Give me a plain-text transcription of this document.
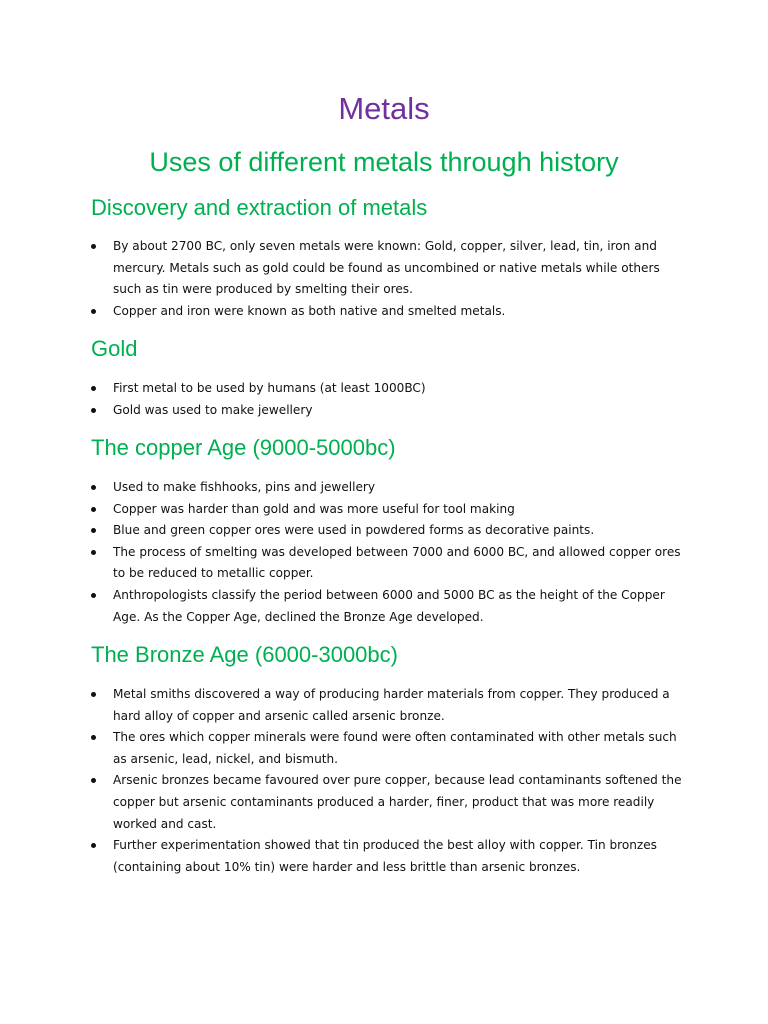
Metals
Uses of different metals through history
Discovery and extraction of metals
By about 2700 BC, only seven metals were known: Gold, copper, silver, lead, tin, iron and mercury. Metals such as gold could be found as uncombined or native metals while others such as tin were produced by smelting their ores.
Copper and iron were known as both native and smelted metals.
Gold
First metal to be used by humans (at least 1000BC)
Gold was used to make jewellery
The copper Age (9000-5000bc)
Used to make fishhooks, pins and jewellery
Copper was harder than gold and was more useful for tool making
Blue and green copper ores were used in powdered forms as decorative paints.
The process of smelting was developed between 7000 and 6000 BC, and allowed copper ores to be reduced to metallic copper.
Anthropologists classify the period between 6000 and 5000 BC as the height of the Copper Age. As the Copper Age, declined the Bronze Age developed.
The Bronze Age (6000-3000bc)
Metal smiths discovered a way of producing harder materials from copper. They produced a hard alloy of copper and arsenic called arsenic bronze.
The ores which copper minerals were found were often contaminated with other metals such as arsenic, lead, nickel, and bismuth.
Arsenic bronzes became favoured over pure copper, because lead contaminants softened the copper but arsenic contaminants produced a harder, finer, product that was more readily worked and cast.
Further experimentation showed that tin produced the best alloy with copper. Tin bronzes (containing about 10% tin) were harder and less brittle than arsenic bronzes.
